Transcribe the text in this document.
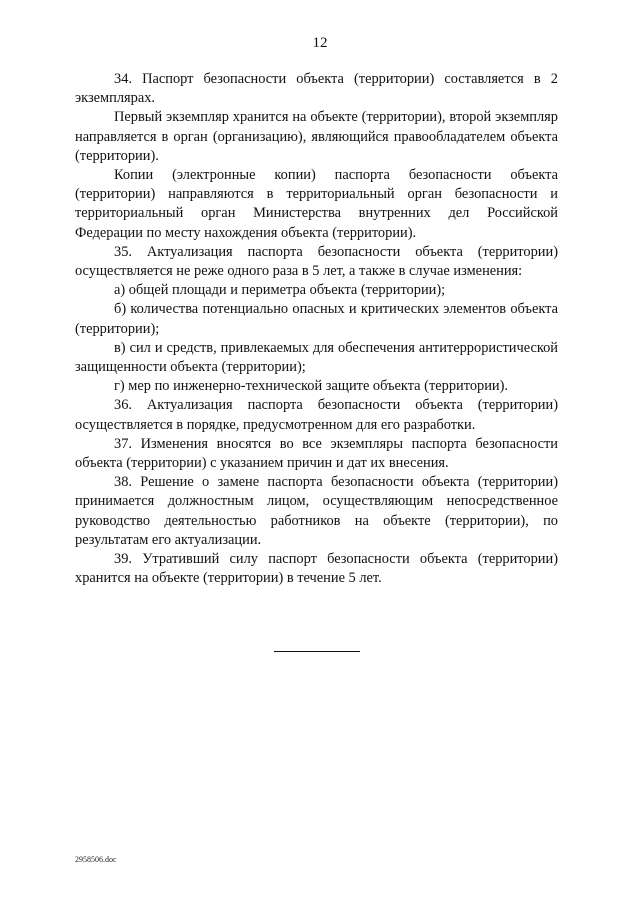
12

34. Паспорт безопасности объекта (территории) составляется в 2 экземплярах.

Первый экземпляр хранится на объекте (территории), второй экземпляр направляется в орган (организацию), являющийся правообладателем объекта (территории).

Копии (электронные копии) паспорта безопасности объекта (территории) направляются в территориальный орган безопасности и территориальный орган Министерства внутренних дел Российской Федерации по месту нахождения объекта (территории).

35. Актуализация паспорта безопасности объекта (территории) осуществляется не реже одного раза в 5 лет, а также в случае изменения:

а) общей площади и периметра объекта (территории);

б) количества потенциально опасных и критических элементов объекта (территории);

в) сил и средств, привлекаемых для обеспечения антитеррористической защищенности объекта (территории);

г) мер по инженерно-технической защите объекта (территории).

36. Актуализация паспорта безопасности объекта (территории) осуществляется в порядке, предусмотренном для его разработки.

37. Изменения вносятся во все экземпляры паспорта безопасности объекта (территории) с указанием причин и дат их внесения.

38. Решение о замене паспорта безопасности объекта (территории) принимается должностным лицом, осуществляющим непосредственное руководство деятельностью работников на объекте (территории), по результатам его актуализации.

39. Утративший силу паспорт безопасности объекта (территории) хранится на объекте (территории) в течение 5 лет.

2958506.doc
